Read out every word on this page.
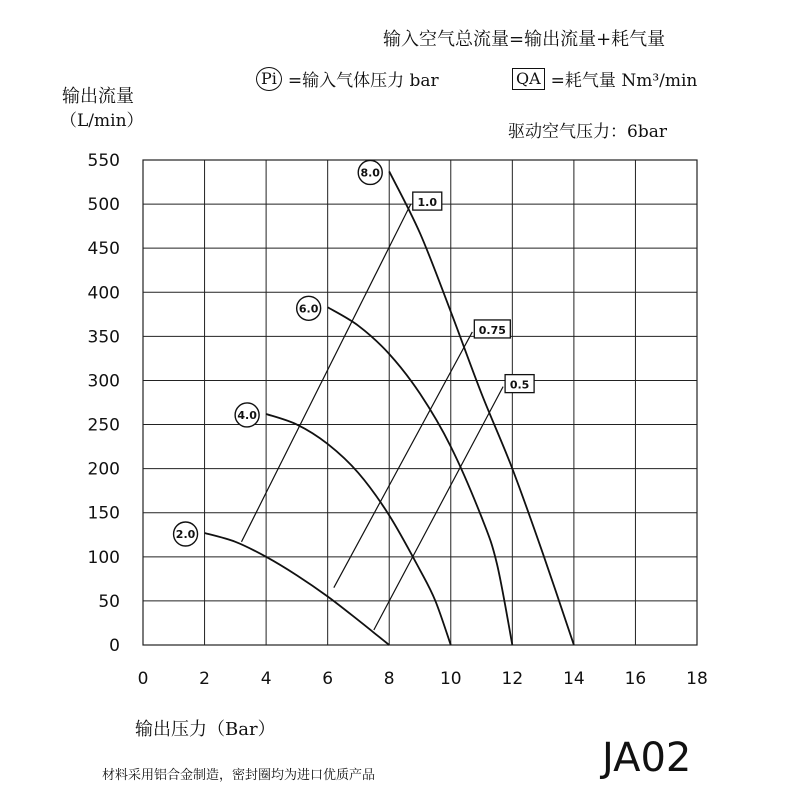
0
50
100
150
200
250
300
350
400
450
500
550
0	2	4	6	8	10 12 14 16 18
1.0
0.75
0.5
2.0
4.0
6.0
8.0
输入空气总流量=输出流量+耗气量
Pi =输入气体压力 bar	QA =耗气量 Nm³/min
驱动空气压力：6bar
输出流量
（L/min）
输出压力（Bar）
材料采用铝合金制造，密封圈均为进口优质产品	JA02
